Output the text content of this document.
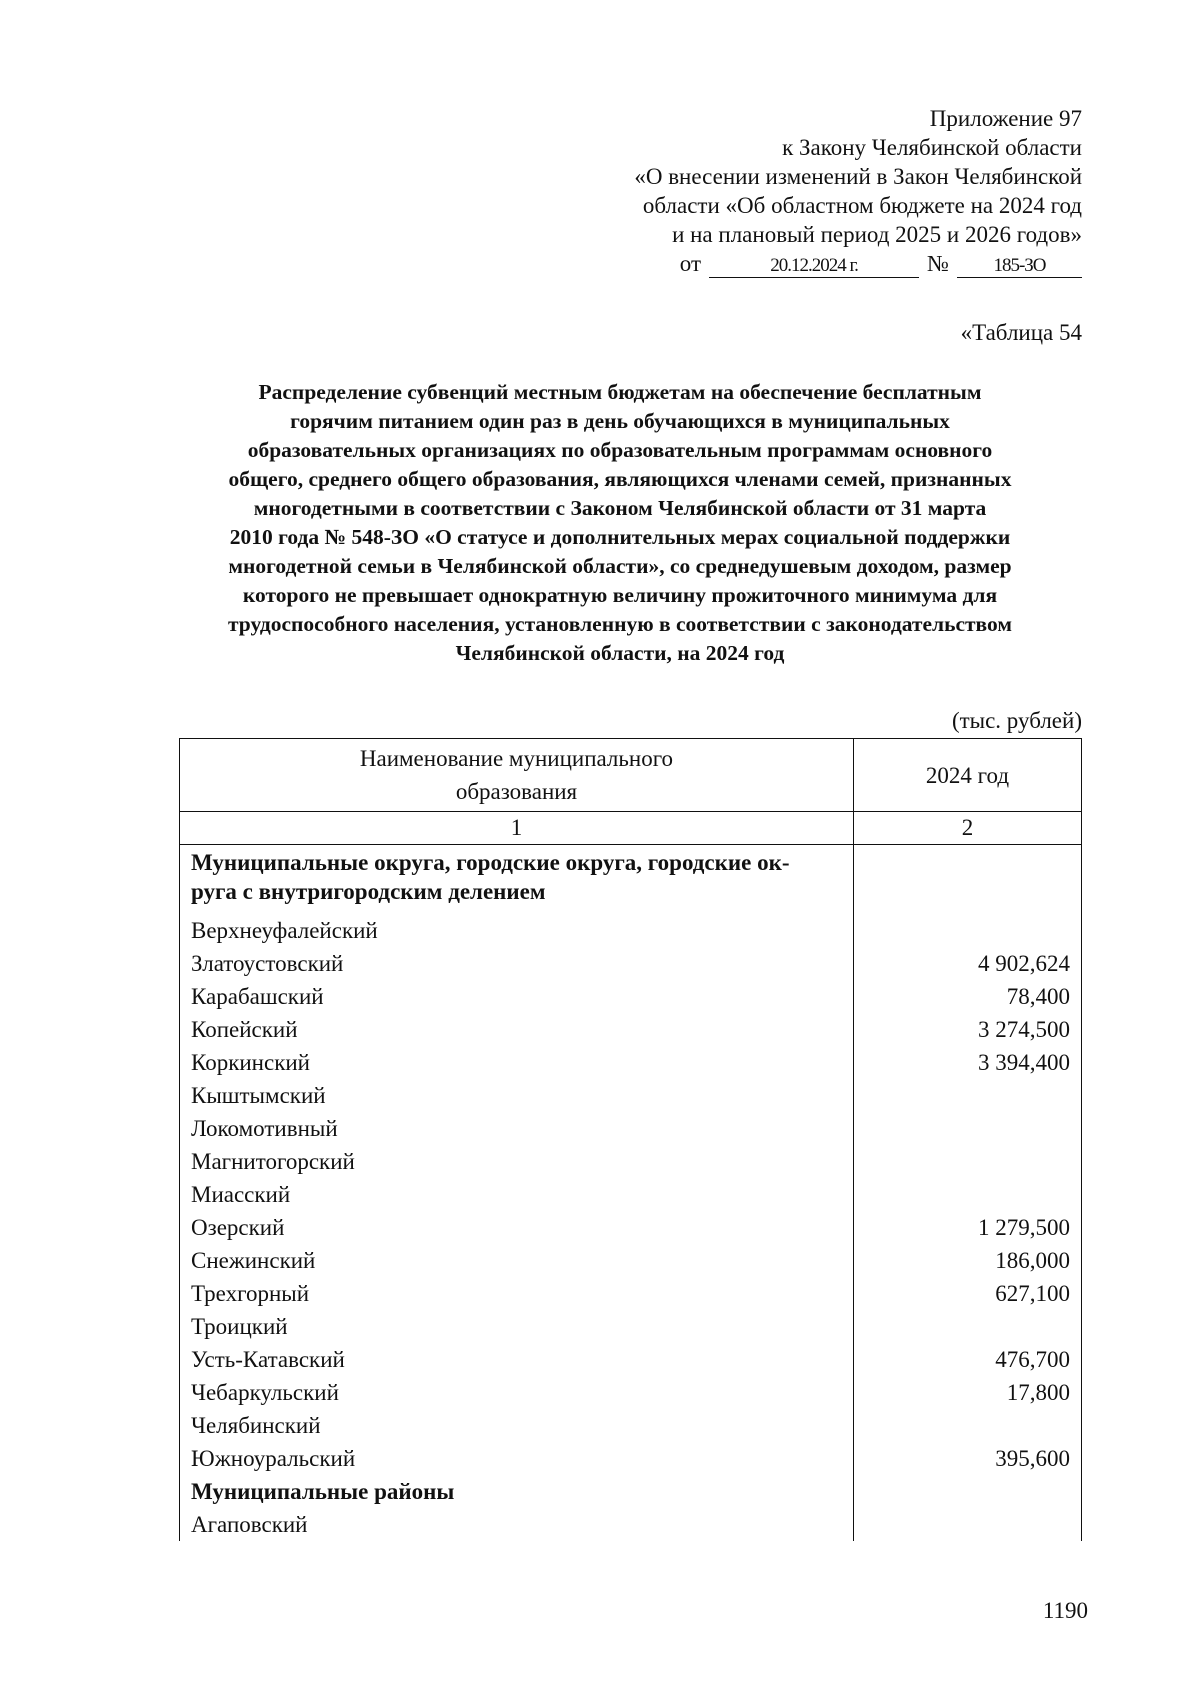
Приложение 97
к Закону Челябинской области
«О внесении изменений в Закон Челябинской
области «Об областном бюджете на 2024 год
и на плановый период 2025 и 2026 годов»
от	20.12.2024 г.	№	185-ЗО
«Таблица 54
Распределение субвенций местным бюджетам на обеспечение бесплатным
горячим питанием один раз в день обучающихся в муниципальных
образовательных организациях по образовательным программам основного
общего, среднего общего образования, являющихся членами семей, признанных
многодетными в соответствии с Законом Челябинской области от 31 марта
2010 года № 548-ЗО «О статусе и дополнительных мерах социальной поддержки
многодетной семьи в Челябинской области», со среднедушевым доходом, размер
которого не превышает однократную величину прожиточного минимума для
трудоспособного населения, установленную в соответствии с законодательством
Челябинской области, на 2024 год
(тыс. рублей)
Наименование муниципального
образования	2024 год
1	2

Муниципальные округа, городские округа, городские ок-
руга с внутригородским делением	

Верхнеуфалейский	
Златоустовский	4 902,624
Карабашский	78,400
Копейский	3 274,500
Коркинский	3 394,400
Кыштымский	
Локомотивный	
Магнитогорский	
Миасский	
Озерский	1 279,500
Снежинский	186,000
Трехгорный	627,100
Троицкий	
Усть-Катавский	476,700
Чебаркульский	17,800
Челябинский	
Южноуральский	395,600
Муниципальные районы	
Агаповский	
1190
